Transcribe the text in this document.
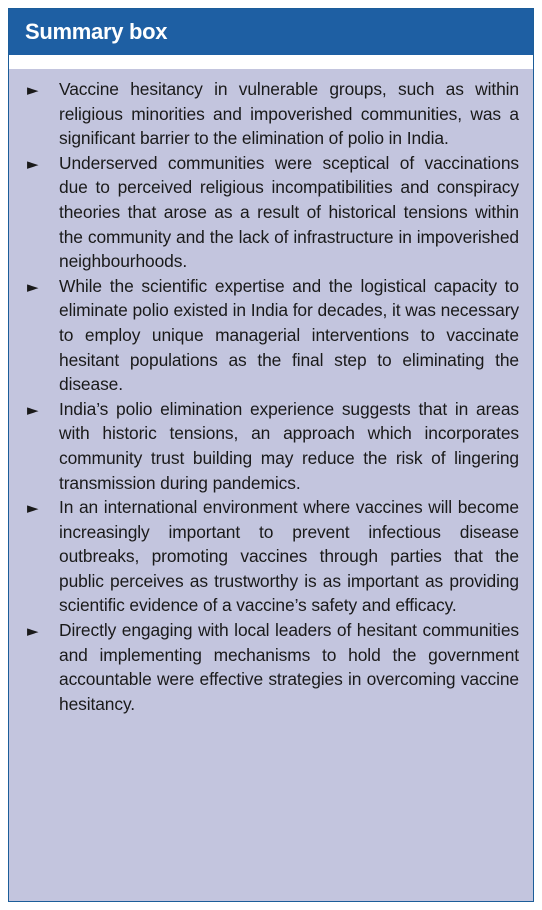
Summary box
► Vaccine hesitancy in vulnerable groups, such as within religious minorities and impoverished communities, was a significant barrier to the elimination of polio in India.
► Underserved communities were sceptical of vaccinations due to perceived religious incompatibilities and conspiracy theories that arose as a result of historical tensions within the community and the lack of infrastructure in impoverished neighbourhoods.
► While the scientific expertise and the logistical capacity to eliminate polio existed in India for decades, it was necessary to employ unique managerial interventions to vaccinate hesitant populations as the final step to eliminating the disease.
► India’s polio elimination experience suggests that in areas with historic tensions, an approach which incorporates community trust building may reduce the risk of lingering transmission during pandemics.
► In an international environment where vaccines will become increasingly important to prevent infectious disease outbreaks, promoting vaccines through parties that the public perceives as trustworthy is as important as providing scientific evidence of a vaccine’s safety and efficacy.
► Directly engaging with local leaders of hesitant communities and implementing mechanisms to hold the government accountable were effective strategies in overcoming vaccine hesitancy.
